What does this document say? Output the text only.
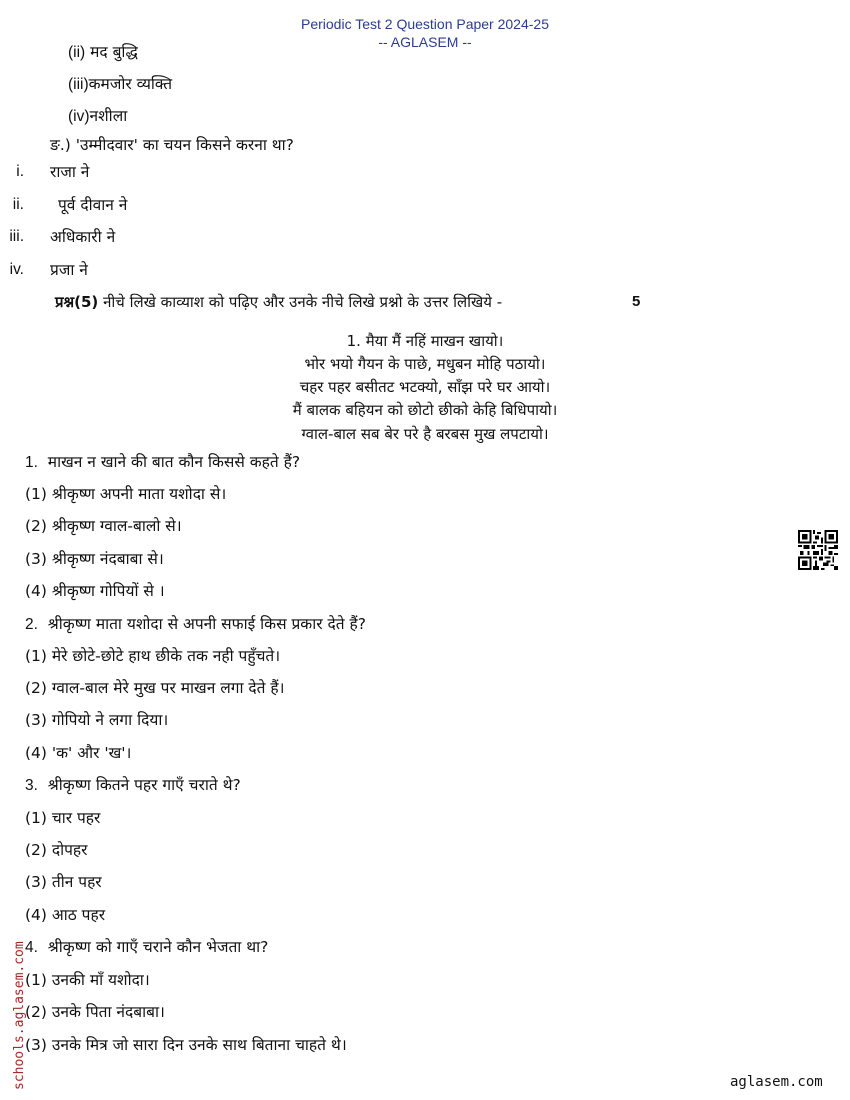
Periodic Test 2 Question Paper 2024-25
-- AGLASEM --
(ii) मद बुद्धि
(iii)कमजोर व्यक्ति
(iv)नशीला
ङ.) 'उम्मीदवार' का चयन किसने करना था?
i. राजा ने
ii. पूर्व दीवान ने
iii. अधिकारी ने
iv. प्रजा ने
प्रश्न(5) नीचे लिखे काव्याश को पढ़िए और उनके नीचे लिखे प्रश्नो के उत्तर लिखिये -	5
1. मैया मैं नहिं माखन खायो।
भोर भयो गैयन के पाछे, मधुबन मोहि पठायो।
चहर पहर बसीतट भटक्यो, साँझ परे घर आयो।
मैं बालक बहियन को छोटो छीको केहि बिधिपायो।
ग्वाल-बाल सब बेर परे है बरबस मुख लपटायो।
1. माखन न खाने की बात कौन किससे कहते हैं?
(1) श्रीकृष्ण अपनी माता यशोदा से।
(2) श्रीकृष्ण ग्वाल-बालो से।
(3) श्रीकृष्ण नंदबाबा से।
(4) श्रीकृष्ण गोपियों से ।
2. श्रीकृष्ण माता यशोदा से अपनी सफाई किस प्रकार देते हैं?
(1) मेरे छोटे-छोटे हाथ छीके तक नही पहुँचते।
(2) ग्वाल-बाल मेरे मुख पर माखन लगा देते हैं।
(3) गोपियो ने लगा दिया।
(4) 'क' और 'ख'।
3. श्रीकृष्ण कितने पहर गाएँ चराते थे?
(1) चार पहर
(2) दोपहर
(3) तीन पहर
(4) आठ पहर
4. श्रीकृष्ण को गाएँ चराने कौन भेजता था?
(1) उनकी माँ यशोदा।
(2) उनके पिता नंदबाबा।
(3) उनके मित्र जो सारा दिन उनके साथ बिताना चाहते थे।
schools.aglasem.com	aglasem.com
